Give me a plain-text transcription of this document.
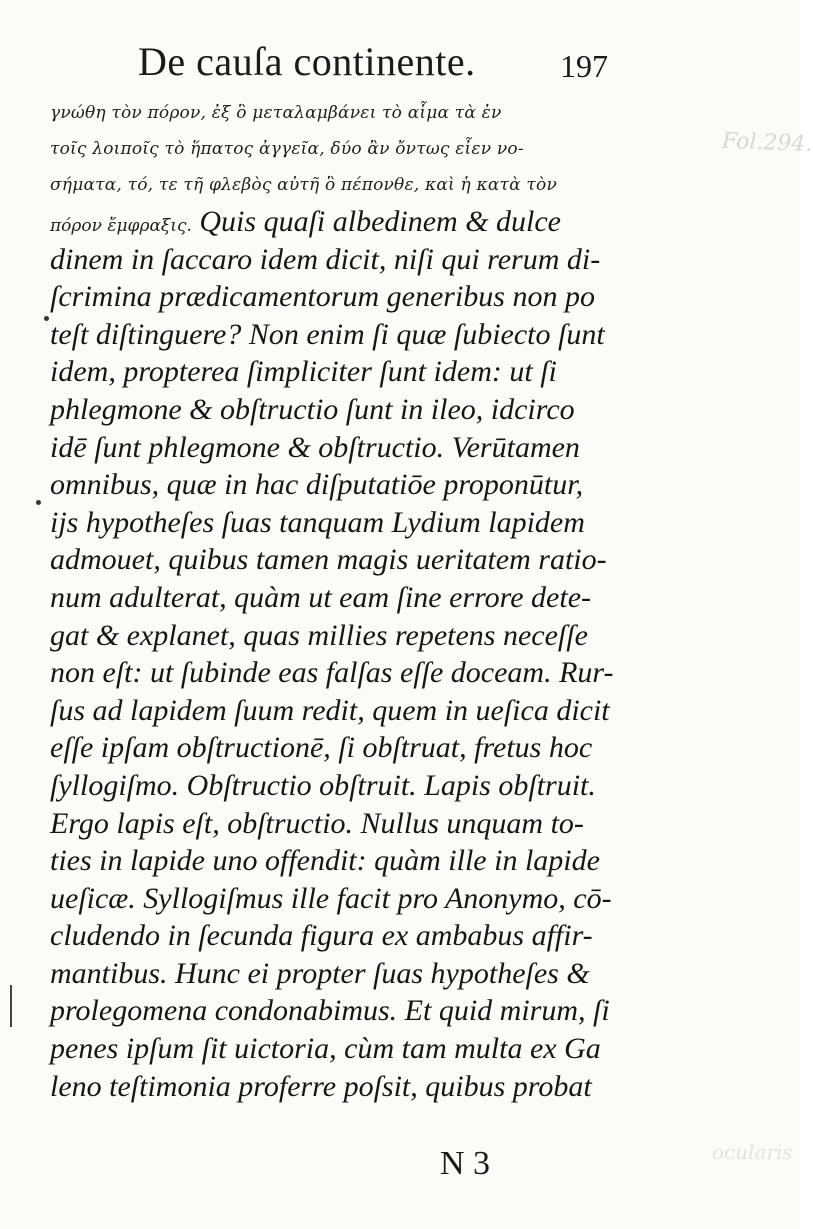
Fol.294.
ocularis
De cauſa continente.	197
γνώθη τὸν πόρον, ἐξ ὃ μεταλαμβάνει τὸ αἷμα τὰ ἐν
τοῖς λοιποῖς τὸ ἥπατος ἀγγεῖα, δύο ἂν ὄντως εἶεν νο-
σήματα, τό, τε τῆ φλεβὸς αὐτῆ ὃ πέπονθε, καὶ ἡ κατὰ τὸν
πόρον ἔμφραξις. Quis quaſi albedinem & dulce
dinem in ſaccaro idem dicit, niſi qui rerum di-
ſcrimina prædicamentorum generibus non po
teſt diſtinguere? Non enim ſi quæ ſubiecto ſunt
idem, propterea ſimpliciter ſunt idem: ut ſi
phlegmone & obſtructio ſunt in ileo, idcirco
idē ſunt phlegmone & obſtructio. Verūtamen
omnibus, quæ in hac diſputatiōe proponūtur,
ijs hypotheſes ſuas tanquam Lydium lapidem
admouet, quibus tamen magis ueritatem ratio-
num adulterat, quàm ut eam ſine errore dete-
gat & explanet, quas millies repetens neceſſe
non eſt: ut ſubinde eas falſas eſſe doceam. Rur-
ſus ad lapidem ſuum redit, quem in ueſica dicit
eſſe ipſam obſtructionē, ſi obſtruat, fretus hoc
ſyllogiſmo. Obſtructio obſtruit. Lapis obſtruit.
Ergo lapis eſt, obſtructio. Nullus unquam to-
ties in lapide uno offendit: quàm ille in lapide
ueſicæ. Syllogiſmus ille facit pro Anonymo, cō-
cludendo in ſecunda figura ex ambabus affir-
mantibus. Hunc ei propter ſuas hypotheſes &
prolegomena condonabimus. Et quid mirum, ſi
penes ipſum ſit uictoria, cùm tam multa ex Ga
leno teſtimonia proferre poſsit, quibus probat
N 3
